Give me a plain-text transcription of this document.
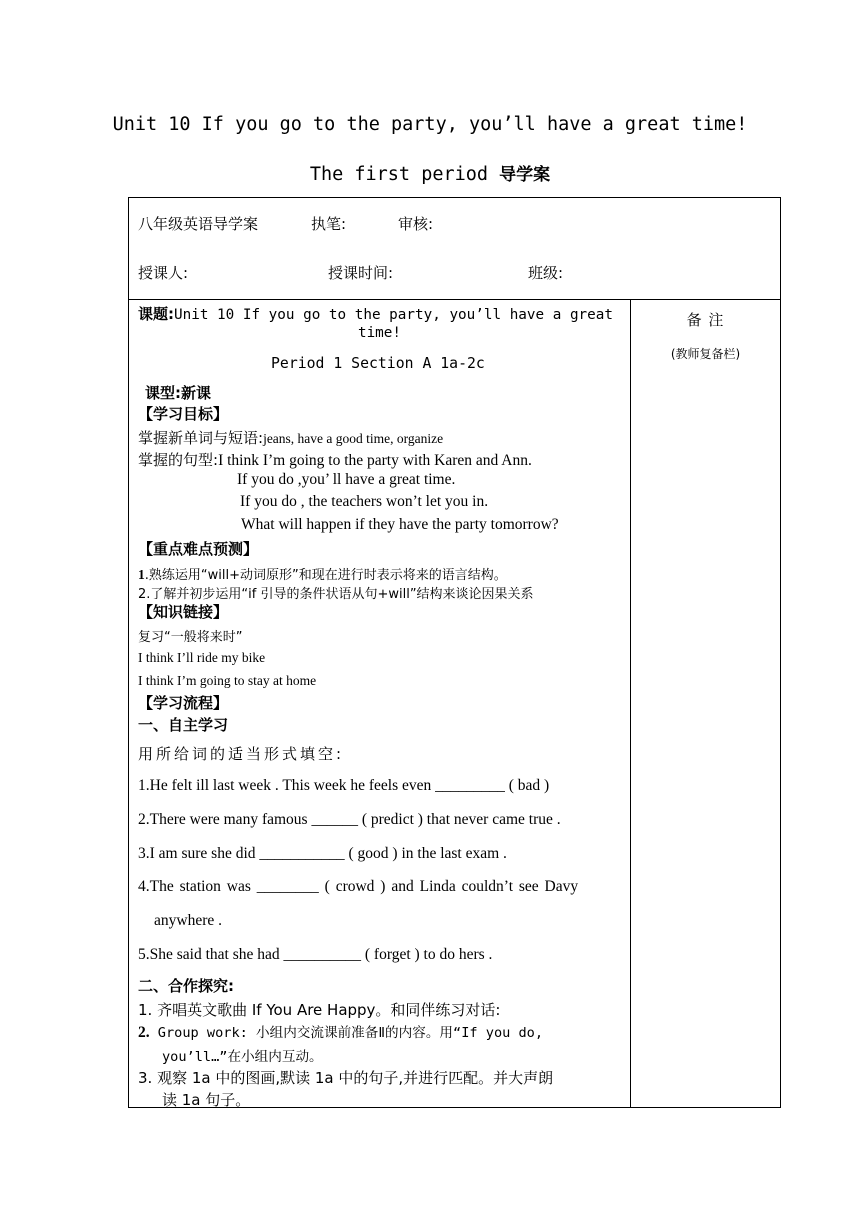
Unit 10 If you go to the party, you’ll have a great time!
The first period 导学案
八年级英语导学案	执笔:	审核:
授课人:	授课时间:	班级:
课题:Unit 10 If you go to the party, you’ll have a great
time!
Period 1 Section A 1a-2c
课型:新课
【学习目标】
掌握新单词与短语:jeans, have a good time, organize
掌握的句型:I think I’m going to the party with Karen and Ann.
If you do ,you’ ll have a great time.
If you do , the teachers won’t let you in.
What will happen if they have the party tomorrow?
【重点难点预测】
1.熟练运用“will+动词原形”和现在进行时表示将来的语言结构。
2.了解并初步运用“if 引导的条件状语从句+will”结构来谈论因果关系
【知识链接】
复习“一般将来时”
I think I’ll ride my bike
I think I’m going to stay at home
【学习流程】
一、自主学习
用所给词的适当形式填空:
1.He felt ill last week . This week he feels even _________ ( bad )
2.There were many famous ______ ( predict ) that never came true .
3.I am sure she did ___________ ( good ) in the last exam .
4.The station was ________ ( crowd ) and Linda couldn’t see Davy
anywhere .
5.She said that she had __________ ( forget ) to do hers .
二、合作探究:
1. 齐唱英文歌曲 If You Are Happy。和同伴练习对话:
2. Group work: 小组内交流课前准备Ⅱ的内容。用“If you do,
you’ll…”在小组内互动。
3. 观察 1a 中的图画,默读 1a 中的句子,并进行匹配。并大声朗
读 1a 句子。
备 注
(教师复备栏)
